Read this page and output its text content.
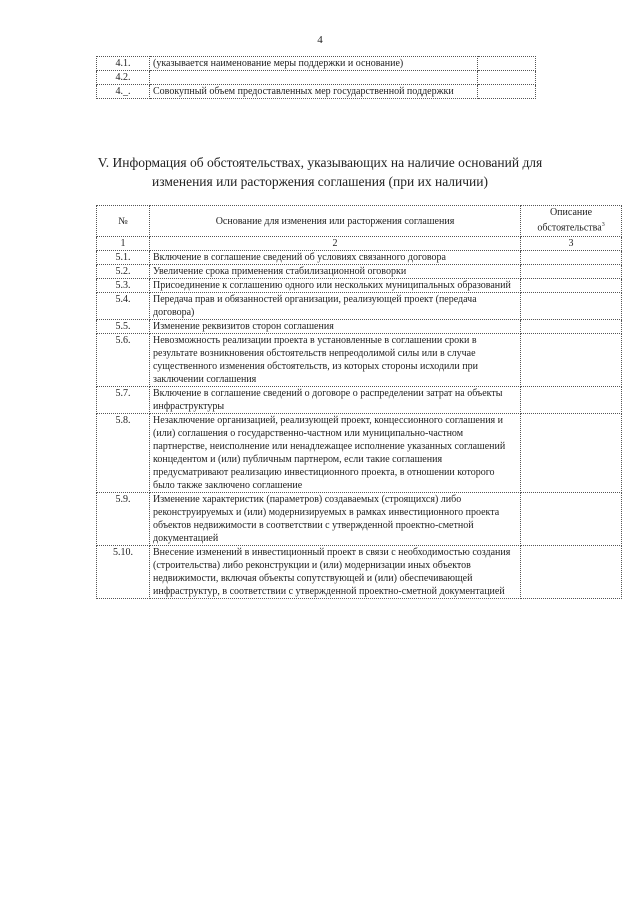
4
4.1.	(указывается наименование меры поддержки и основание)	
4.2.		
4._.	Совокупный объем предоставленных мер государственной поддержки	
V. Информация об обстоятельствах, указывающих на наличие оснований для изменения или расторжения соглашения (при их наличии)
№	Основание для изменения или расторжения соглашения	Описание обстоятельства$^3$
1	2	3
5.1.	Включение в соглашение сведений об условиях связанного договора	
5.2.	Увеличение срока применения стабилизационной оговорки	
5.3.	Присоединение к соглашению одного или нескольких муниципальных образований	
5.4.	Передача прав и обязанностей организации, реализующей проект (передача договора)	
5.5.	Изменение реквизитов сторон соглашения	
5.6.	Невозможность реализации проекта в установленные в соглашении сроки в результате возникновения обстоятельств непреодолимой силы или в случае существенного изменения обстоятельств, из которых стороны исходили при заключении соглашения	
5.7.	Включение в соглашение сведений о договоре о распределении затрат на объекты инфраструктуры	
5.8.	Незаключение организацией, реализующей проект, концессионного соглашения и (или) соглашения о государственно-частном или муниципально-частном партнерстве, неисполнение или ненадлежащее исполнение указанных соглашений концедентом и (или) публичным партнером, если такие соглашения предусматривают реализацию инвестиционного проекта, в отношении которого было также заключено соглашение	
5.9.	Изменение характеристик (параметров) создаваемых (строящихся) либо реконструируемых и (или) модернизируемых в рамках инвестиционного проекта объектов недвижимости в соответствии с утвержденной проектно-сметной документацией	
5.10.	Внесение изменений в инвестиционный проект в связи с необходимостью создания (строительства) либо реконструкции и (или) модернизации иных объектов недвижимости, включая объекты сопутствующей и (или) обеспечивающей инфраструктур, в соответствии с утвержденной проектно-сметной документацией	
